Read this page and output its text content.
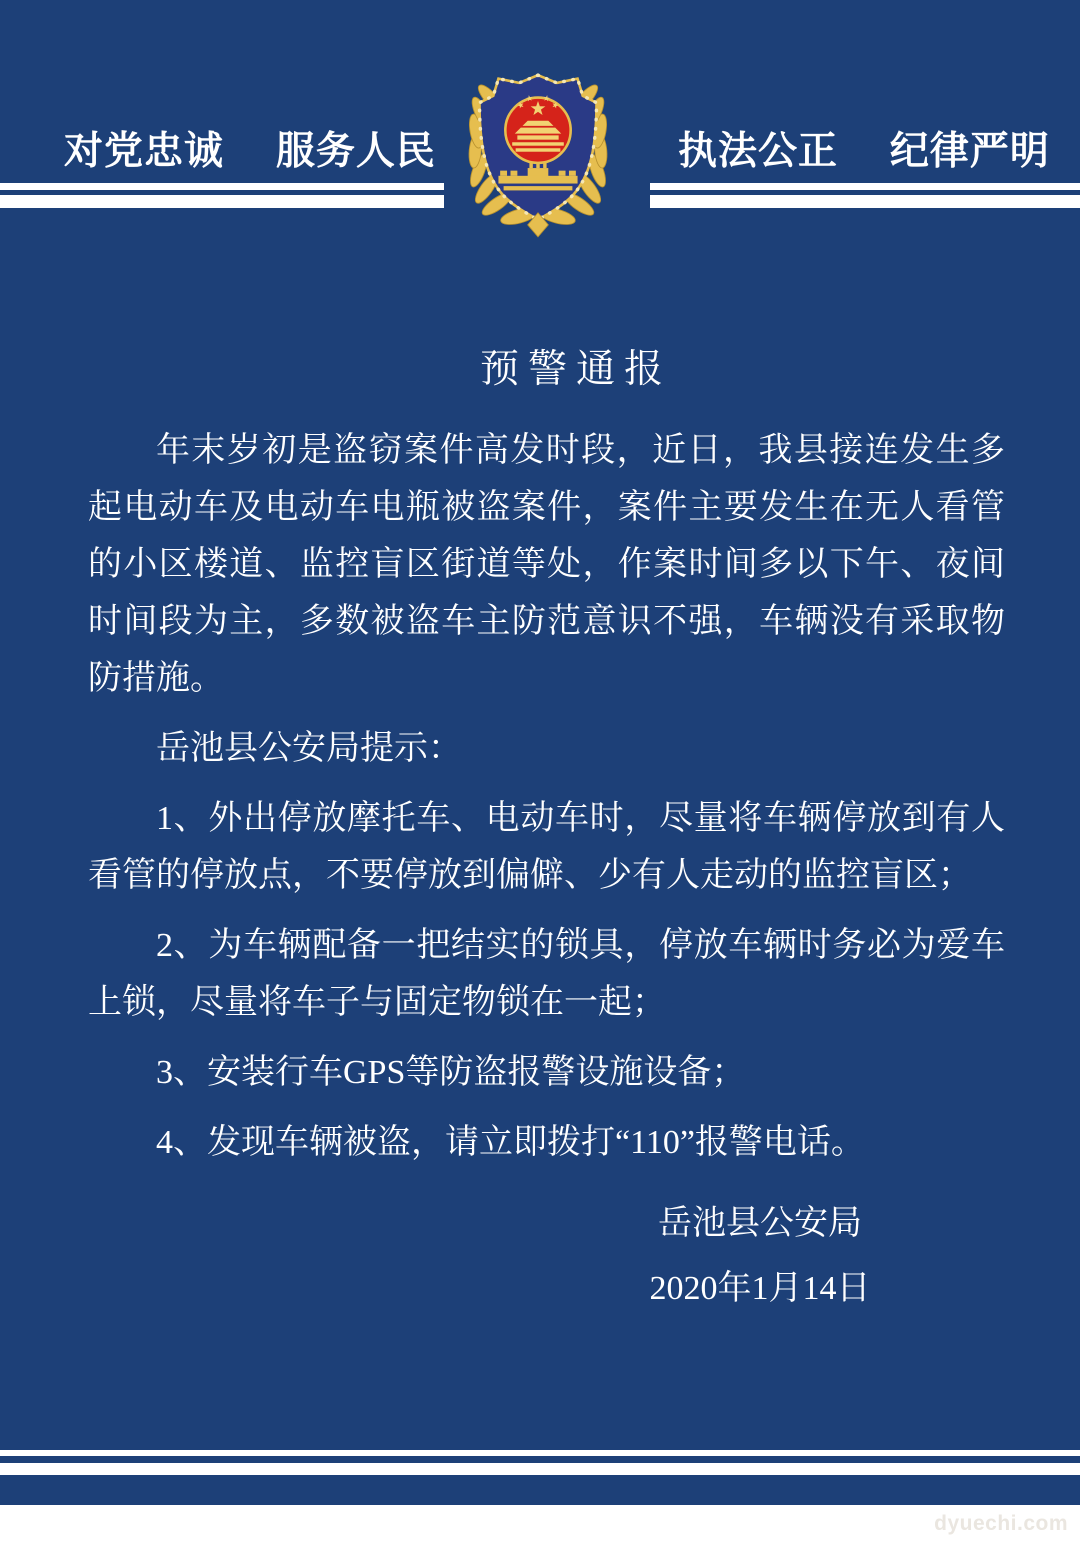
对党忠诚 服务人民	执法公正 纪律严明
预警通报

年末岁初是盗窃案件高发时段，近日，我县接连发生多起电动车及电动车电瓶被盗案件，案件主要发生在无人看管的小区楼道、监控盲区街道等处，作案时间多以下午、夜间时间段为主，多数被盗车主防范意识不强，车辆没有采取物防措施。

岳池县公安局提示：

1、外出停放摩托车、电动车时，尽量将车辆停放到有人看管的停放点，不要停放到偏僻、少有人走动的监控盲区；

2、为车辆配备一把结实的锁具，停放车辆时务必为爱车上锁，尽量将车子与固定物锁在一起；

3、安装行车GPS等防盗报警设施设备；

4、发现车辆被盗，请立即拨打“110”报警电话。

岳池县公安局
2020年1月14日
dyuechi.com
